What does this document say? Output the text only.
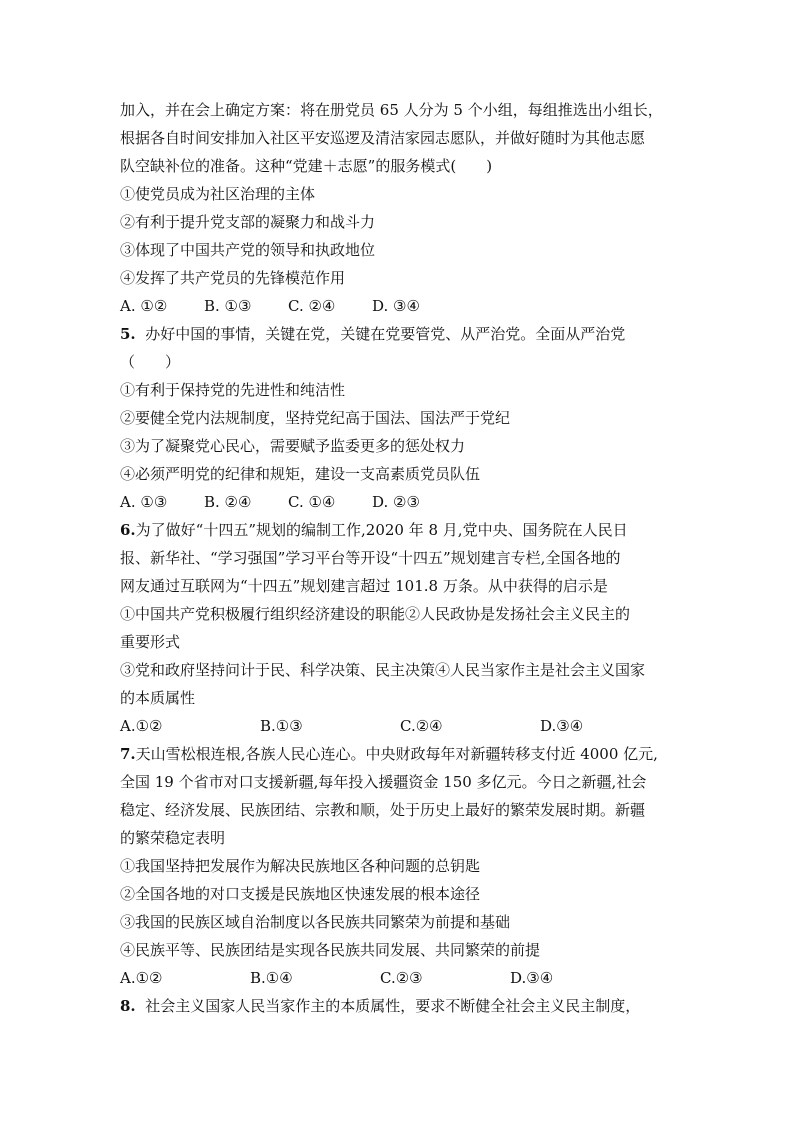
加入，并在会上确定方案：将在册党员 65 人分为 5 个小组，每组推选出小组长，
根据各自时间安排加入社区平安巡逻及清洁家园志愿队，并做好随时为其他志愿
队空缺补位的准备。这种“党建＋志愿”的服务模式(　　)
①使党员成为社区治理的主体
②有利于提升党支部的凝聚力和战斗力
③体现了中国共产党的领导和执政地位
④发挥了共产党员的先锋模范作用
A. ①②	B. ①③	C. ②④	D. ③④
5. 办好中国的事情，关键在党，关键在党要管党、从严治党。全面从严治党
（　　）
①有利于保持党的先进性和纯洁性
②要健全党内法规制度，坚持党纪高于国法、国法严于党纪
③为了凝聚党心民心，需要赋予监委更多的惩处权力
④必须严明党的纪律和规矩，建设一支高素质党员队伍
A. ①③	B. ②④	C. ①④	D. ②③
6.为了做好“十四五”规划的编制工作,2020 年 8 月,党中央、国务院在人民日
报、新华社、“学习强国”学习平台等开设“十四五”规划建言专栏,全国各地的
网友通过互联网为“十四五”规划建言超过 101.8 万条。从中获得的启示是
①中国共产党积极履行组织经济建设的职能②人民政协是发扬社会主义民主的
重要形式
③党和政府坚持问计于民、科学决策、民主决策④人民当家作主是社会主义国家
的本质属性
A.①②	B.①③	C.②④	D.③④
7.天山雪松根连根,各族人民心连心。中央财政每年对新疆转移支付近 4000 亿元,
全国 19 个省市对口支援新疆,每年投入援疆资金 150 多亿元。今日之新疆,社会
稳定、经济发展、民族团结、宗教和顺，处于历史上最好的繁荣发展时期。新疆
的繁荣稳定表明
①我国坚持把发展作为解决民族地区各种问题的总钥匙
②全国各地的对口支援是民族地区快速发展的根本途径
③我国的民族区域自治制度以各民族共同繁荣为前提和基础
④民族平等、民族团结是实现各民族共同发展、共同繁荣的前提
A.①②	B.①④	C.②③	D.③④
8. 社会主义国家人民当家作主的本质属性，要求不断健全社会主义民主制度，
